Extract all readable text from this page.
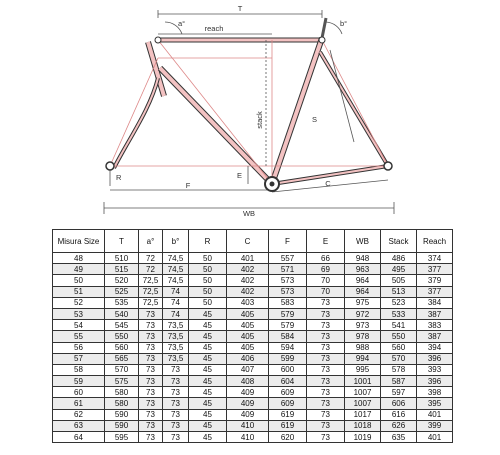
T
a°	b°
reach
stack	S
R	E
F	C
WB
Misura Size	T	a°	b°	R	C	F	E	WB	Stack	Reach
48	510	72	74,5	50	401	557	66	948	486	374
49	515	72	74,5	50	402	571	69	963	495	377
50	520	72,5	74,5	50	402	573	70	964	505	379
51	525	72,5	74	50	402	573	70	964	513	377
52	535	72,5	74	50	403	583	73	975	523	384
53	540	73	74	45	405	579	73	972	533	387
54	545	73	73,5	45	405	579	73	973	541	383
55	550	73	73,5	45	405	584	73	978	550	387
56	560	73	73,5	45	405	594	73	988	560	394
57	565	73	73,5	45	406	599	73	994	570	396
58	570	73	73	45	407	600	73	995	578	393
59	575	73	73	45	408	604	73	1001	587	396
60	580	73	73	45	409	609	73	1007	597	398
61	580	73	73	45	409	609	73	1007	606	395
62	590	73	73	45	409	619	73	1017	616	401
63	590	73	73	45	410	619	73	1018	626	399
64	595	73	73	45	410	620	73	1019	635	401
